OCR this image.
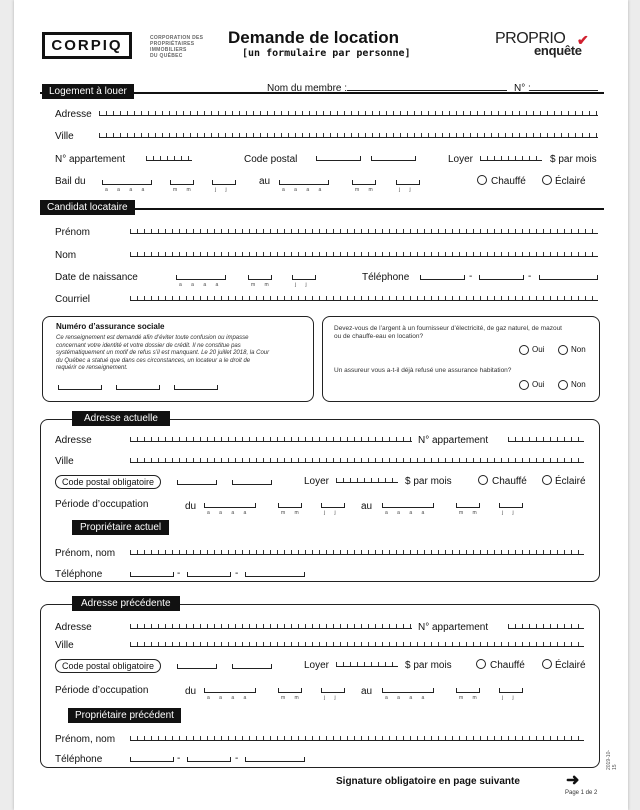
CORPIQ	CORPORATION DES
PROPRIÉTAIRES
IMMOBILIERS
DU QUÉBEC
Demande de location
[un formulaire par personne]
PROPRIO ✔
enquête
Logement à louer	Nom du membre :	N° :
Adresse
Ville
N° appartement	Code postal	Loyer	$ par mois
Bail du
a a a a	m m	j j
au
a a a a	m m	j j
Chauffé	Éclairé
Candidat locataire
Prénom
Nom
Date de naissance
a a a a	m m	j j
Téléphone	-	-
Courriel
Numéro d’assurance sociale
Ce renseignement est demandé afin d’éviter toute confusion ou impasse
concernant votre identité et votre dossier de crédit. Il ne constitue pas
systématiquement un motif de refus s’il est manquant. Le 20 juillet 2018, la Cour
du Québec a statué que dans ces circonstances, un locateur a le droit de
requérir ce renseignement.
Devez-vous de l’argent à un fournisseur d’électricité, de gaz naturel, de mazout
ou de chauffe-eau en location?
Oui	Non
Un assureur vous a-t-il déjà refusé une assurance habitation?
Oui	Non
Adresse actuelle
Adresse	N° appartement
Ville
Code postal obligatoire	Loyer	$ par mois	Chauffé	Éclairé
Période d’occupation	du
a a a a	m m	j j
au
a a a a	m m	j j
Propriétaire actuel
Prénom, nom
Téléphone	-	-
Adresse précédente
Adresse	N° appartement
Ville
Code postal obligatoire	Loyer	$ par mois	Chauffé	Éclairé
Période d’occupation	du
a a a a	m m	j j
au
a a a a	m m	j j
Propriétaire précédent
Prénom, nom
Téléphone	-	-
Signature obligatoire en page suivante	➜
Page 1 de 2
2019-10-15
